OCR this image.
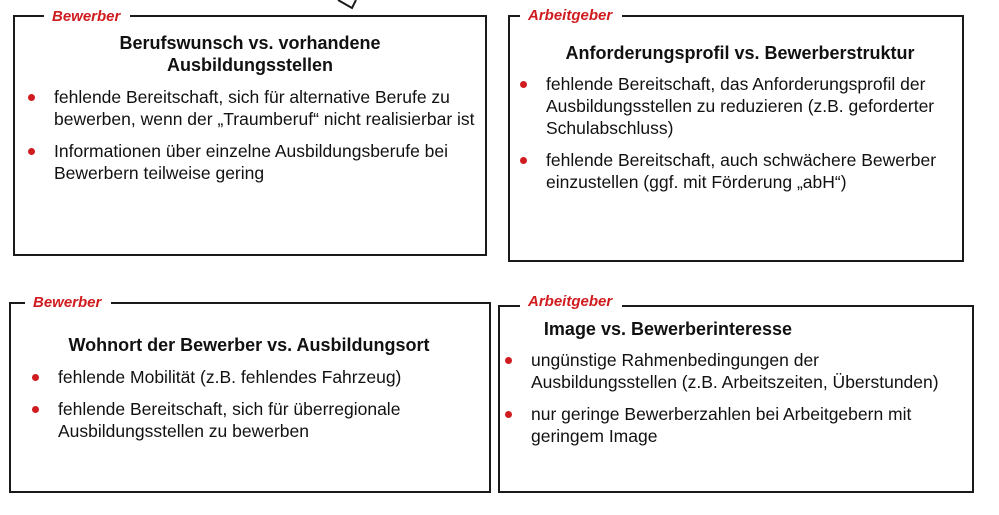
Bewerber
Berufswunsch vs. vorhandene Ausbildungsstellen
fehlende Bereitschaft, sich für alternative Berufe zu bewerben, wenn der „Traumberuf“ nicht realisierbar ist
Informationen über einzelne Ausbildungsberufe bei Bewerbern teilweise gering
Arbeitgeber
Anforderungsprofil vs. Bewerberstruktur
fehlende Bereitschaft, das Anforderungsprofil der Ausbildungsstellen zu reduzieren (z.B. geforderter Schulabschluss)
fehlende Bereitschaft, auch schwächere Bewerber einzustellen (ggf. mit Förderung „abH“)
Bewerber
Wohnort der Bewerber vs. Ausbildungsort
fehlende Mobilität (z.B. fehlendes Fahrzeug)
fehlende Bereitschaft, sich für überregionale Ausbildungsstellen zu bewerben
Arbeitgeber
Image vs. Bewerberinteresse
ungünstige Rahmenbedingungen der Ausbildungsstellen (z.B. Arbeitszeiten, Überstunden)
nur geringe Bewerberzahlen bei Arbeitgebern mit geringem Image
